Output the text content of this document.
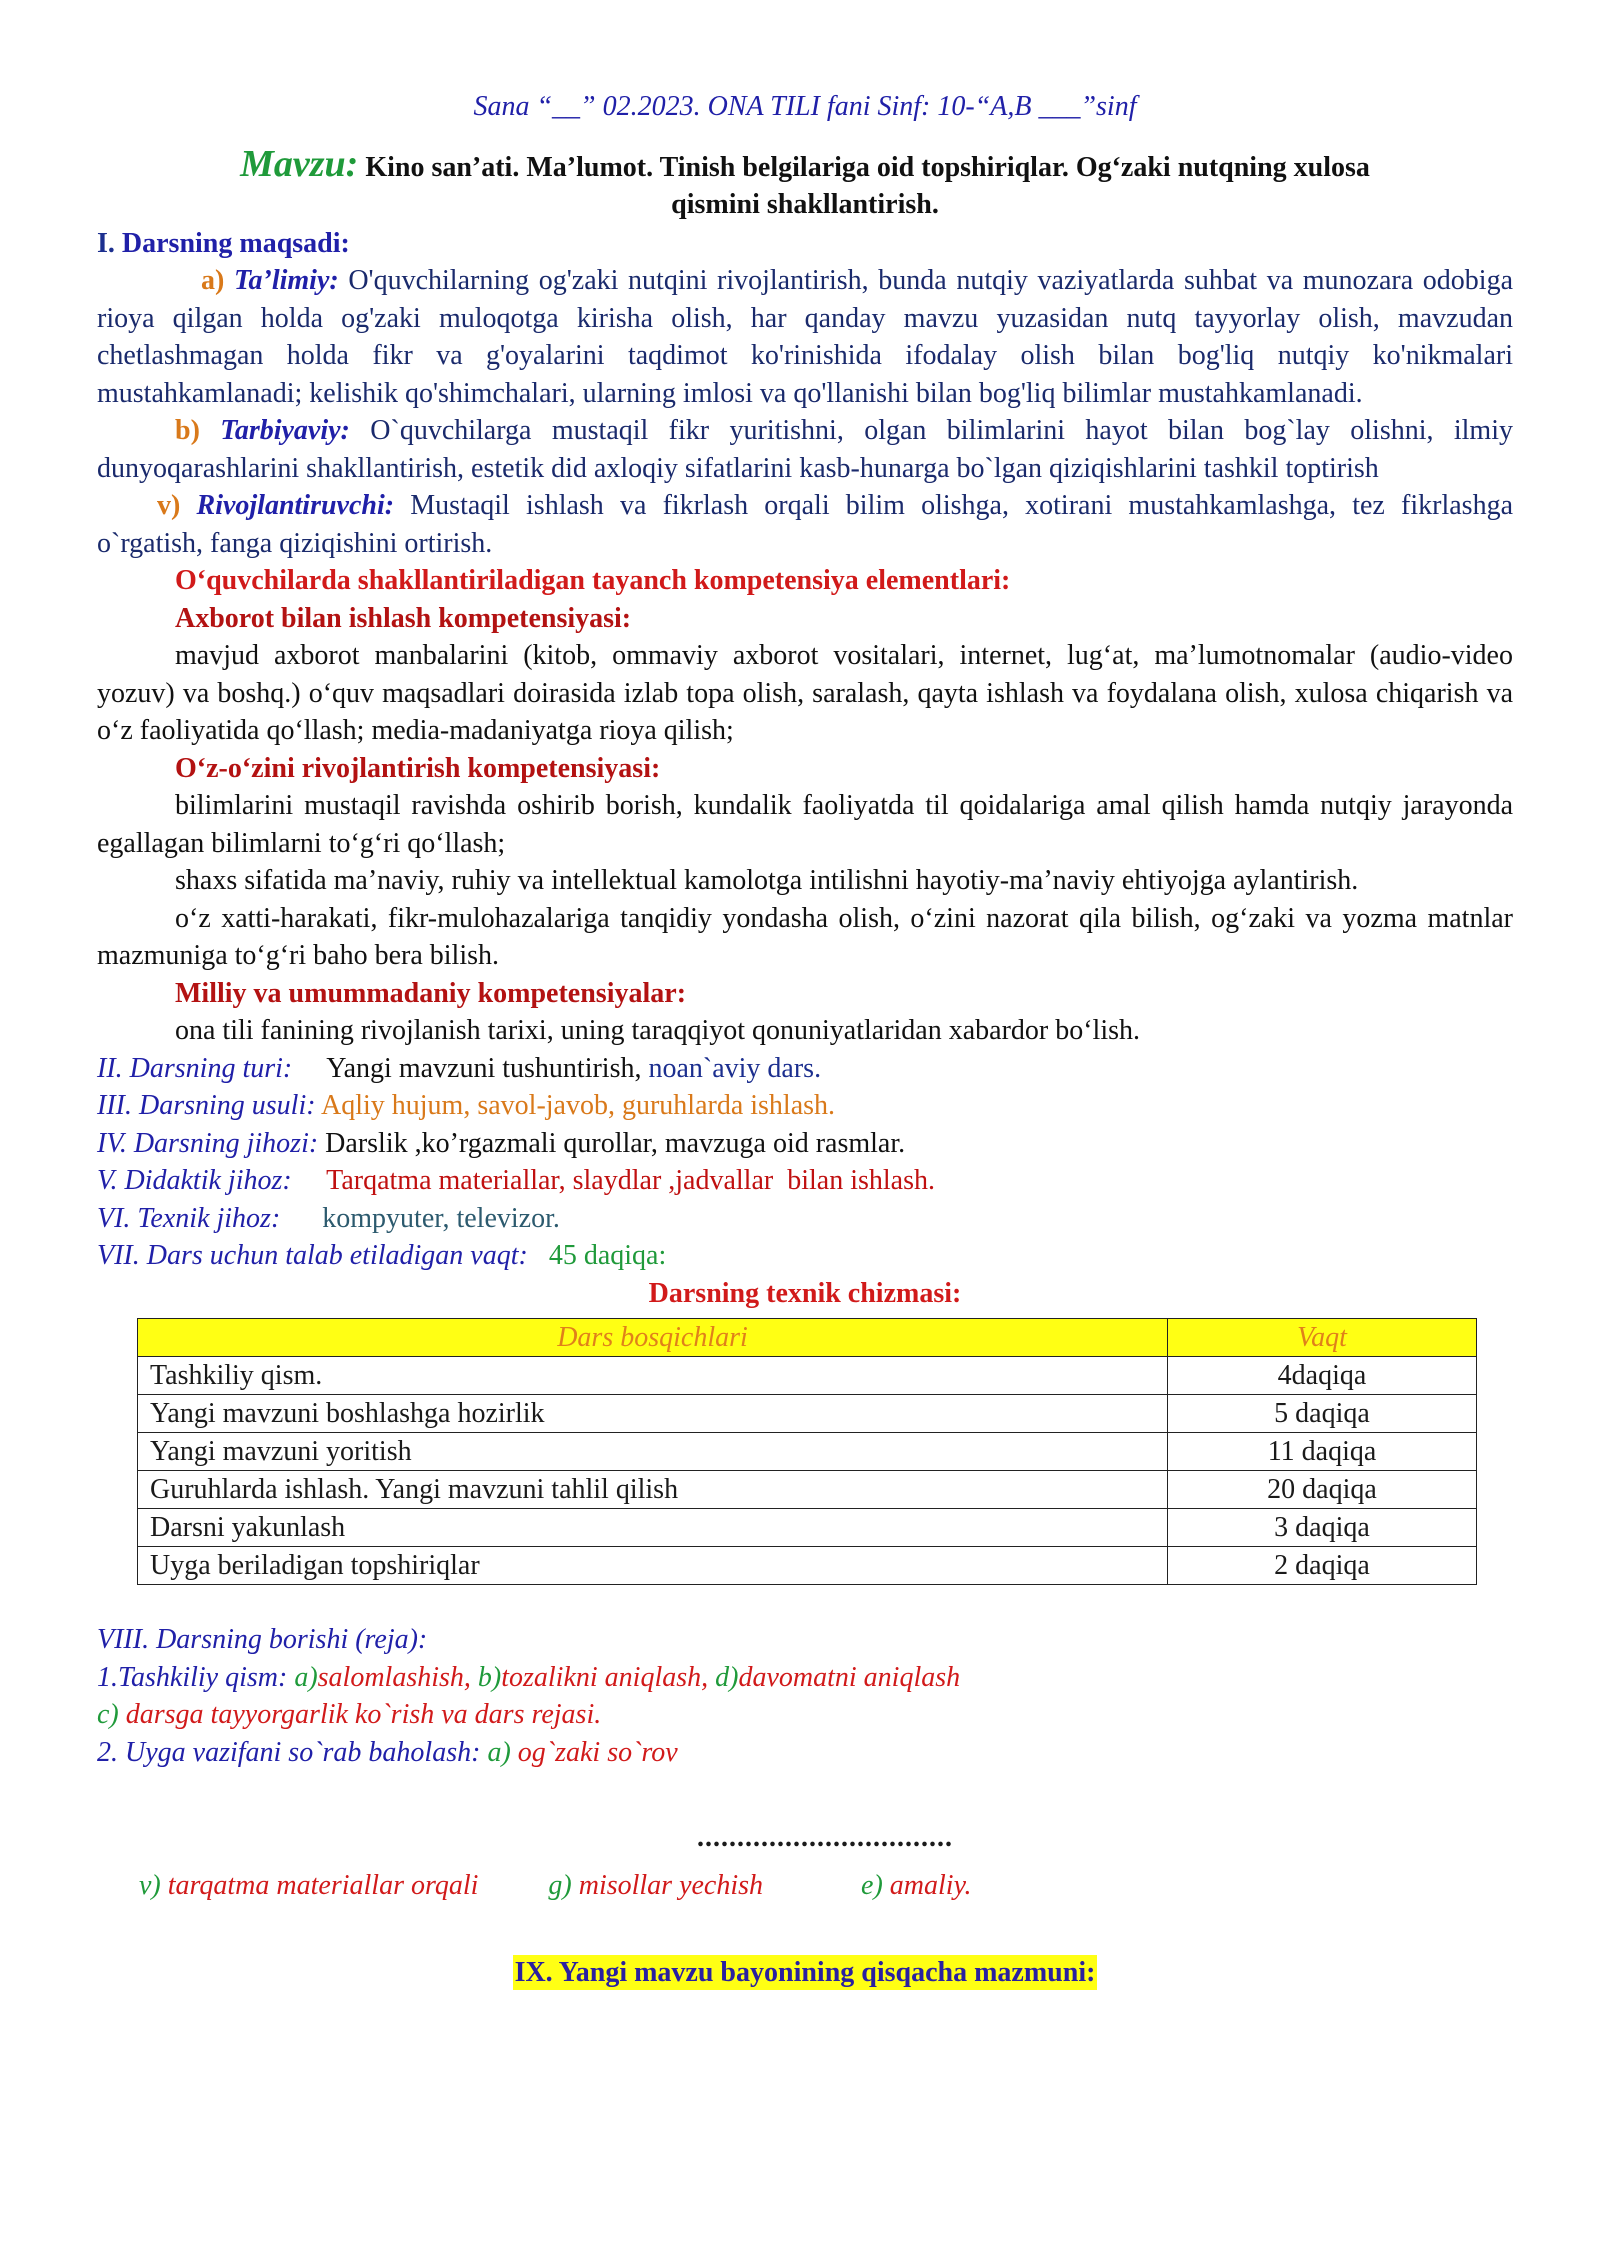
Sana “__” 02.2023. ONA TILI fani Sinf: 10-“A,B ___”sinf

Mavzu: Kino san’ati. Ma’lumot. Tinish belgilariga oid topshiriqlar. Og‘zaki nutqning xulosa
qismini shakllantirish.

I. Darsning maqsadi:

a) Ta’limiy: O'quvchilarning og'zaki nutqini rivojlantirish, bunda nutqiy vaziyatlarda suhbat va munozara odobiga rioya qilgan holda og'zaki muloqotga kirisha olish, har qanday mavzu yuzasidan nutq tayyorlay olish, mavzudan chetlashmagan holda fikr va g'oyalarini taqdimot ko'rinishida ifodalay olish bilan bog'liq nutqiy ko'nikmalari mustahkamlanadi; kelishik qo'shimchalari, ularning imlosi va qo'llanishi bilan bog'liq bilimlar mustahkamlanadi.

b) Tarbiyaviy: O`quvchilarga mustaqil fikr yuritishni, olgan bilimlarini hayot bilan bog`lay olishni, ilmiy dunyoqarashlarini shakllantirish, estetik did axloqiy sifatlarini kasb-hunarga bo`lgan qiziqishlarini tashkil toptirish

v) Rivojlantiruvchi: Mustaqil ishlash va fikrlash orqali bilim olishga, xotirani mustahkamlashga, tez fikrlashga o`rgatish, fanga qiziqishini ortirish.

O‘quvchilarda shakllantiriladigan tayanch kompetensiya elementlari:

Axborot bilan ishlash kompetensiyasi:

mavjud axborot manbalarini (kitob, ommaviy axborot vositalari, internet, lug‘at, ma’lumotnomalar (audio-video yozuv) va boshq.) o‘quv maqsadlari doirasida izlab topa olish, saralash, qayta ishlash va foydalana olish, xulosa chiqarish va o‘z faoliyatida qo‘llash; media-madaniyatga rioya qilish;

O‘z-o‘zini rivojlantirish kompetensiyasi:

bilimlarini mustaqil ravishda oshirib borish, kundalik faoliyatda til qoidalariga amal qilish hamda nutqiy jarayonda egallagan bilimlarni to‘g‘ri qo‘llash;

shaxs sifatida ma’naviy, ruhiy va intellektual kamolotga intilishni hayotiy-ma’naviy ehtiyojga aylantirish.

o‘z xatti-harakati, fikr-mulohazalariga tanqidiy yondasha olish, o‘zini nazorat qila bilish, og‘zaki va yozma matnlar mazmuniga to‘g‘ri baho bera bilish.

Milliy va umummadaniy kompetensiyalar:

ona tili fanining rivojlanish tarixi, uning taraqqiyot qonuniyatlaridan xabardor bo‘lish.

II. Darsning turi:     Yangi mavzuni tushuntirish, noan`aviy dars.

III. Darsning usuli: Aqliy hujum, savol-javob, guruhlarda ishlash.

IV. Darsning jihozi: Darslik ,ko’rgazmali qurollar, mavzuga oid rasmlar.

V. Didaktik jihoz:     Tarqatma materiallar, slaydlar ,jadvallar  bilan ishlash.

VI. Texnik jihoz:      kompyuter, televizor.

VII. Dars uchun talab etiladigan vaqt:   45 daqiqa:

Darsning texnik chizmasi:

Dars bosqichlari	Vaqt
Tashkiliy qism.	4daqiqa
Yangi mavzuni boshlashga hozirlik	5 daqiqa
Yangi mavzuni yoritish	11 daqiqa
Guruhlarda ishlash. Yangi mavzuni tahlil qilish	20 daqiqa
Darsni yakunlash	3 daqiqa
Uyga beriladigan topshiriqlar	2 daqiqa

VIII. Darsning borishi (reja):

1.Tashkiliy qism: a)salomlashish, b)tozalikni aniqlash, d)davomatni aniqlash

c) darsga tayyorgarlik ko`rish va dars rejasi.

2. Uyga vazifani so`rab baholash: a) og`zaki so`rov

................................

v) tarqatma materiallar orqali	g) misollar yechish	e) amaliy.

IX. Yangi mavzu bayonining qisqacha mazmuni:
